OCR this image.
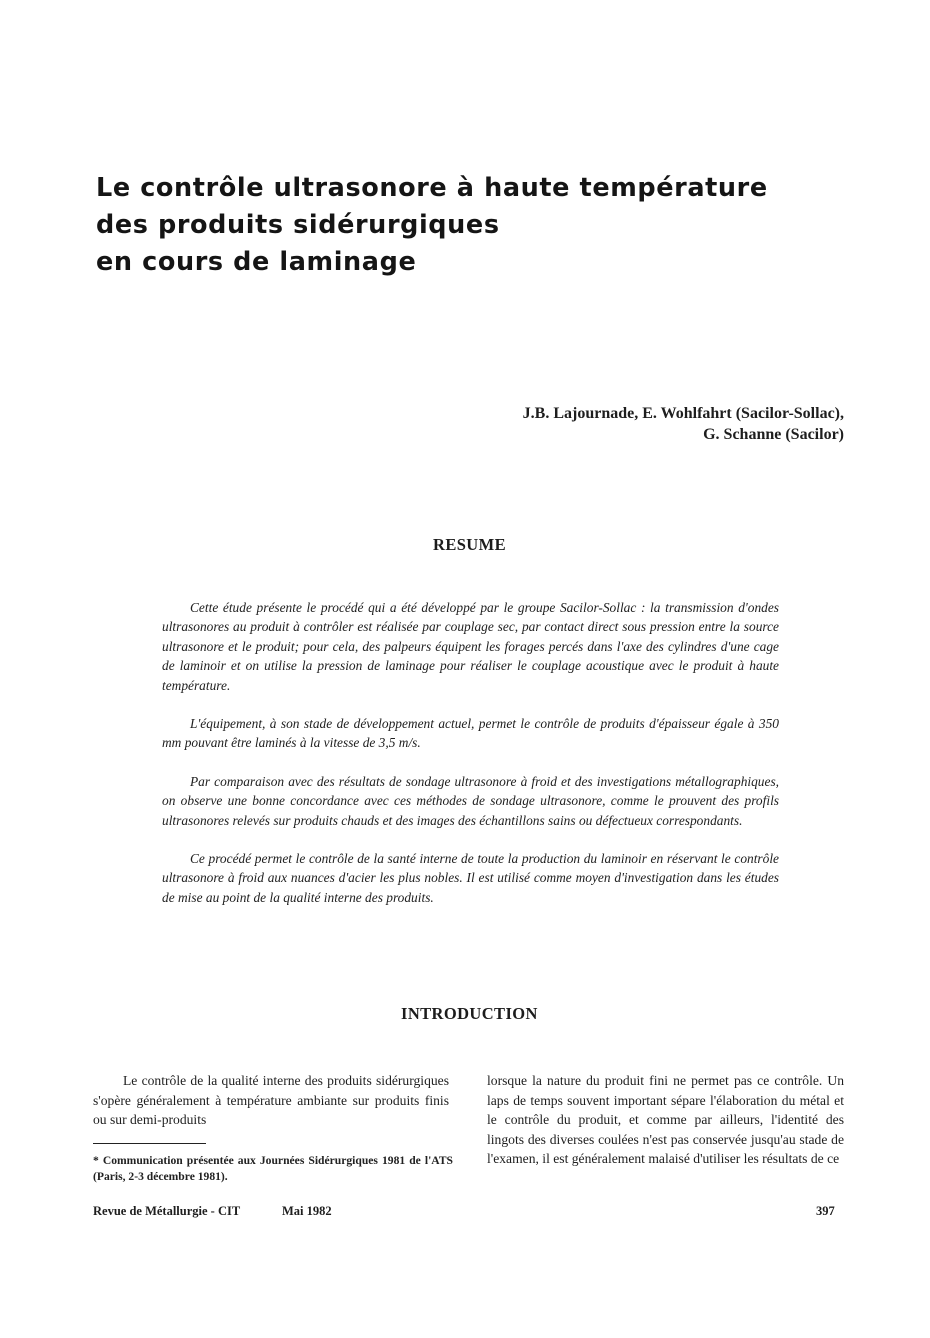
Le contrôle ultrasonore à haute température
des produits sidérurgiques
en cours de laminage
J.B. Lajournade, E. Wohlfahrt (Sacilor-Sollac),
G. Schanne (Sacilor)
RESUME

Cette étude présente le procédé qui a été développé par le groupe Sacilor-Sollac : la transmission d'ondes ultrasonores au produit à contrôler est réalisée par couplage sec, par contact direct sous pression entre la source ultrasonore et le produit; pour cela, des palpeurs équipent les forages percés dans l'axe des cylindres d'une cage de laminoir et on utilise la pression de laminage pour réaliser le couplage acoustique avec le produit à haute température.

L'équipement, à son stade de développement actuel, permet le contrôle de produits d'épaisseur égale à 350 mm pouvant être laminés à la vitesse de 3,5 m/s.

Par comparaison avec des résultats de sondage ultrasonore à froid et des investigations métallographiques, on observe une bonne concordance avec ces méthodes de sondage ultrasonore, comme le prouvent des profils ultrasonores relevés sur produits chauds et des images des échantillons sains ou défectueux correspondants.

Ce procédé permet le contrôle de la santé interne de toute la production du laminoir en réservant le contrôle ultrasonore à froid aux nuances d'acier les plus nobles. Il est utilisé comme moyen d'investigation dans les études de mise au point de la qualité interne des produits.

INTRODUCTION

Le contrôle de la qualité interne des produits sidérurgiques s'opère généralement à température ambiante sur produits finis ou sur demi-produits

lorsque la nature du produit fini ne permet pas ce contrôle. Un laps de temps souvent important sépare l'élaboration du métal et le contrôle du produit, et comme par ailleurs, l'identité des lingots des diverses coulées n'est pas conservée jusqu'au stade de l'examen, il est généralement malaisé d'utiliser les résultats de ce

* Communication présentée aux Journées Sidérurgiques 1981 de l'ATS (Paris, 2-3 décembre 1981).
Revue de Métallurgie - CIT	Mai 1982	397
